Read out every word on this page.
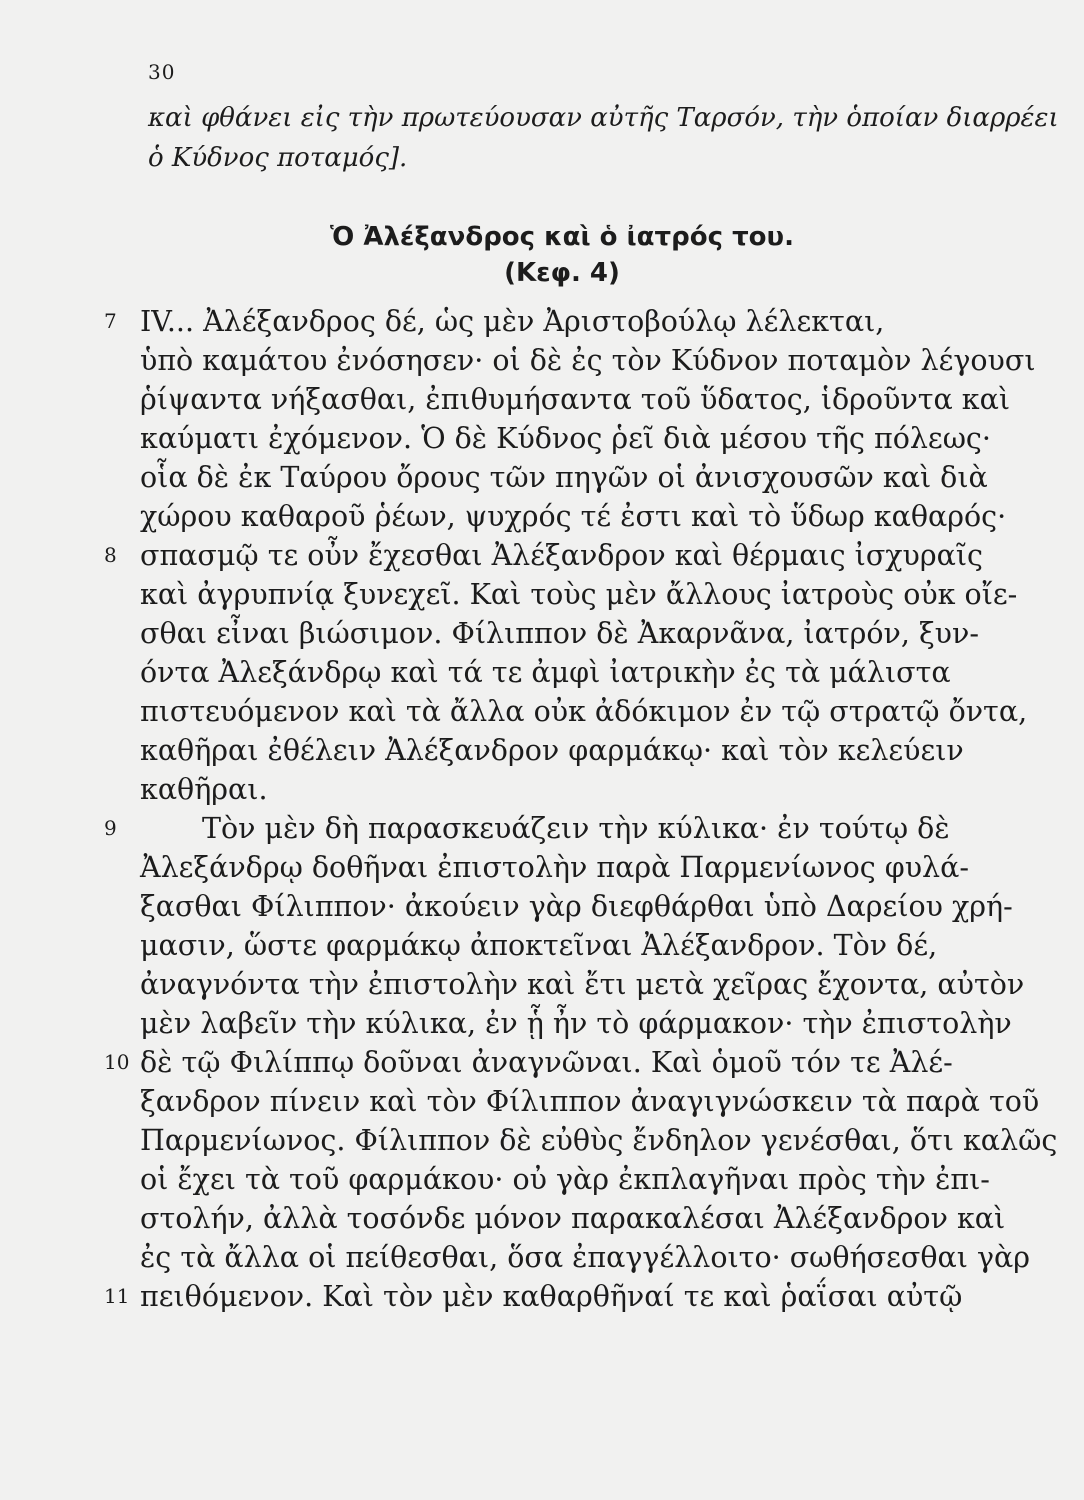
30
καὶ φθάνει εἰς τὴν πρωτεύουσαν αὐτῆς Ταρσόν, τὴν ὁποίαν διαρρέει
ὁ Κύδνος ποταμός].
Ὁ Ἀλέξανδρος καὶ ὁ ἰατρός του.
(Κεφ. 4)
7 IV... Ἀλέξανδρος δέ, ὡς μὲν Ἀριστοβούλῳ λέλεκται,
ὑπὸ καμάτου ἐνόσησεν· οἱ δὲ ἐς τὸν Κύδνον ποταμὸν λέγουσι
ῥίψαντα νήξασθαι, ἐπιθυμήσαντα τοῦ ὕδατος, ἱδροῦντα καὶ
καύματι ἐχόμενον. Ὁ δὲ Κύδνος ῥεῖ διὰ μέσου τῆς πόλεως·
οἷα δὲ ἐκ Ταύρου ὄρους τῶν πηγῶν οἱ ἀνισχουσῶν καὶ διὰ
χώρου καθαροῦ ῥέων, ψυχρός τέ ἐστι καὶ τὸ ὕδωρ καθαρός·
8 σπασμῷ τε οὖν ἔχεσθαι Ἀλέξανδρον καὶ θέρμαις ἰσχυραῖς
καὶ ἀγρυπνίᾳ ξυνεχεῖ. Καὶ τοὺς μὲν ἄλλους ἰατροὺς οὐκ οἴε-
σθαι εἶναι βιώσιμον. Φίλιππον δὲ Ἀκαρνᾶνα, ἰατρόν, ξυν-
όντα Ἀλεξάνδρῳ καὶ τά τε ἀμφὶ ἰατρικὴν ἐς τὰ μάλιστα
πιστευόμενον καὶ τὰ ἄλλα οὐκ ἀδόκιμον ἐν τῷ στρατῷ ὄντα,
καθῆραι ἐθέλειν Ἀλέξανδρον φαρμάκῳ· καὶ τὸν κελεύειν
καθῆραι.
9	Τὸν μὲν δὴ παρασκευάζειν τὴν κύλικα· ἐν τούτῳ δὲ
Ἀλεξάνδρῳ δοθῆναι ἐπιστολὴν παρὰ Παρμενίωνος φυλά-
ξασθαι Φίλιππον· ἀκούειν γὰρ διεφθάρθαι ὑπὸ Δαρείου χρή-
μασιν, ὥστε φαρμάκῳ ἀποκτεῖναι Ἀλέξανδρον. Τὸν δέ,
ἀναγνόντα τὴν ἐπιστολὴν καὶ ἔτι μετὰ χεῖρας ἔχοντα, αὐτὸν
μὲν λαβεῖν τὴν κύλικα, ἐν ᾗ ἦν τὸ φάρμακον· τὴν ἐπιστολὴν
10 δὲ τῷ Φιλίππῳ δοῦναι ἀναγνῶναι. Καὶ ὁμοῦ τόν τε Ἀλέ-
ξανδρον πίνειν καὶ τὸν Φίλιππον ἀναγιγνώσκειν τὰ παρὰ τοῦ
Παρμενίωνος. Φίλιππον δὲ εὐθὺς ἔνδηλον γενέσθαι, ὅτι καλῶς
οἱ ἔχει τὰ τοῦ φαρμάκου· οὐ γὰρ ἐκπλαγῆναι πρὸς τὴν ἐπι-
στολήν, ἀλλὰ τοσόνδε μόνον παρακαλέσαι Ἀλέξανδρον καὶ
ἐς τὰ ἄλλα οἱ πείθεσθαι, ὅσα ἐπαγγέλλοιτο· σωθήσεσθαι γὰρ
11 πειθόμενον. Καὶ τὸν μὲν καθαρθῆναί τε καὶ ῥαΐσαι αὐτῷ
